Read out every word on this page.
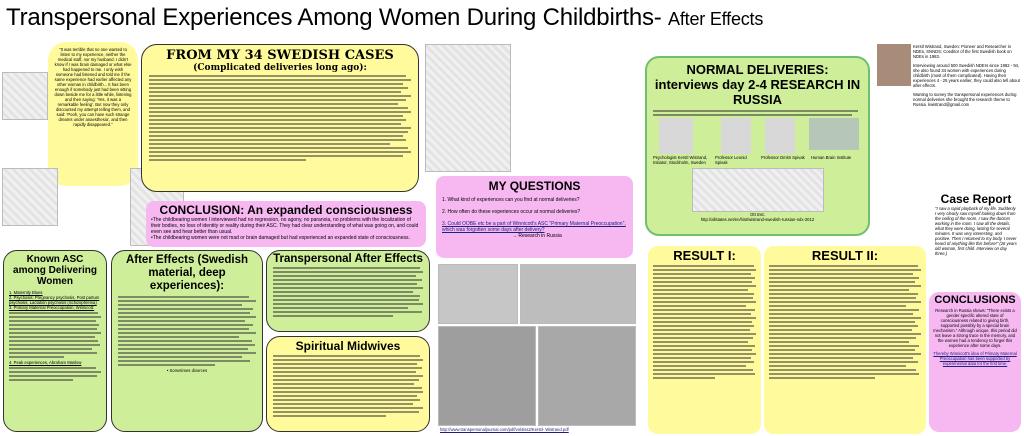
Transpersonal Experiences Among Women During Childbirths- After Effects
"It was terrible that no one wanted to listen to my experience, neither the medical staff, nor my husband. I didn't know if I was brain damaged or what else had happened to me. I only wish someone had listened and told me if the same experience had earlier affected any other woman in childbirth... It has been enough if somebody just had been sitting down beside me for a little while, listening and then saying: 'Yes, it was a remarkable feeling'. But now they only discounted my attempt telling them, and said: 'Pooh, you can have such strange dreams under anaesthesia', and then rapidly disappeared."
FROM MY 34 SWEDISH CASES
(Complicated deliveries long ago):
CONCLUSION: An expanded consciousness
•The childbearing women I interviewed had no regression, no agony, no paranoia, no problems with the localization of their bodies, no loss of identity or reality during their ASC. They had clear understanding of what was going on, and could even see and hear better than usual.
•The childbearing women were not mad or brain damaged but had experienced an expanded state of consciousness.
Known ASC among Delivering Women
1. Maternity Blues
2. Psychosis: Pregnancy psychosis, Post partum psychosis, Lactation psychosis (Schizophrenia)
3. Primary Maternal Preoccupation, Winnicott:
4. Peak experiences, Abraham Maslow
After Effects (Swedish material, deep experiences):
• Sometimes divorces
Transpersonal After Effects
Spiritual Midwives
MY QUESTIONS
1. What kind of experiences can you find at normal deliveries?
2. How often do these experiences occur at normal deliveries?
3. Could OOBE etc be a part of Winnicott's ASC "Primary Maternal Preoccupation", which was forgotten some days after delivery?
→ Research in Russia
http://www.transpersonaljournal.com/pdf/vol4iss2/Kerstl- Wistrand.pdf
NORMAL DELIVERIES: interviews day 2-4 RESEARCH IN RUSSIA
Psychologist Kerstl Wistrand, Initiator, Stockholm, Sweden
Professor Leonid Spivak
Professor Dmitri Spivak Human Brain Institute
Ott Inst.
http://allstates.net/en/hist/wistrand-swedish-russian-ndx-2012
Kerstl Wistrand, Sweden: Pioneer and Researcher in NDEs, SNNDS; Coeditor of the first Swedish book on NDEs in 1983.
Interviewing around 500 Swedish NDErs since 1982 - 94, she also found 34 women with experiences during childbirth (most of them complicated). Having their experiences 4 - 25 years earlier, they could also tell about after effects.
Wanting to survey the transpersonal experiences during normal deliveries she brought the research theme to Russia. kwistrand@gmail.com
Case Report
"I saw a rapid playback of my life. Suddenly I very clearly saw myself looking down from the ceiling of the room. I saw the doctors working in the room. I saw all the details, what they were doing, lasting for several minutes. It was very interesting, and positive. Then I returned to my body. I never heard of anything like this before!" (26 years old woman, first child. Interview on day three.)
RESULT I:	RESULT II:
CONCLUSIONS
Research in Russia shows: "There exists a gender specific altered state of consciousness related to giving birth, supported possibly by a special brain mechanism." Although unique, this period did not leave a strong trace in the memory, and the women had a tendency to forget this experience after some days.
Thereby Winnicott's idea of Primary Maternal Preoccupation has been supported by experimental data for the first time.
